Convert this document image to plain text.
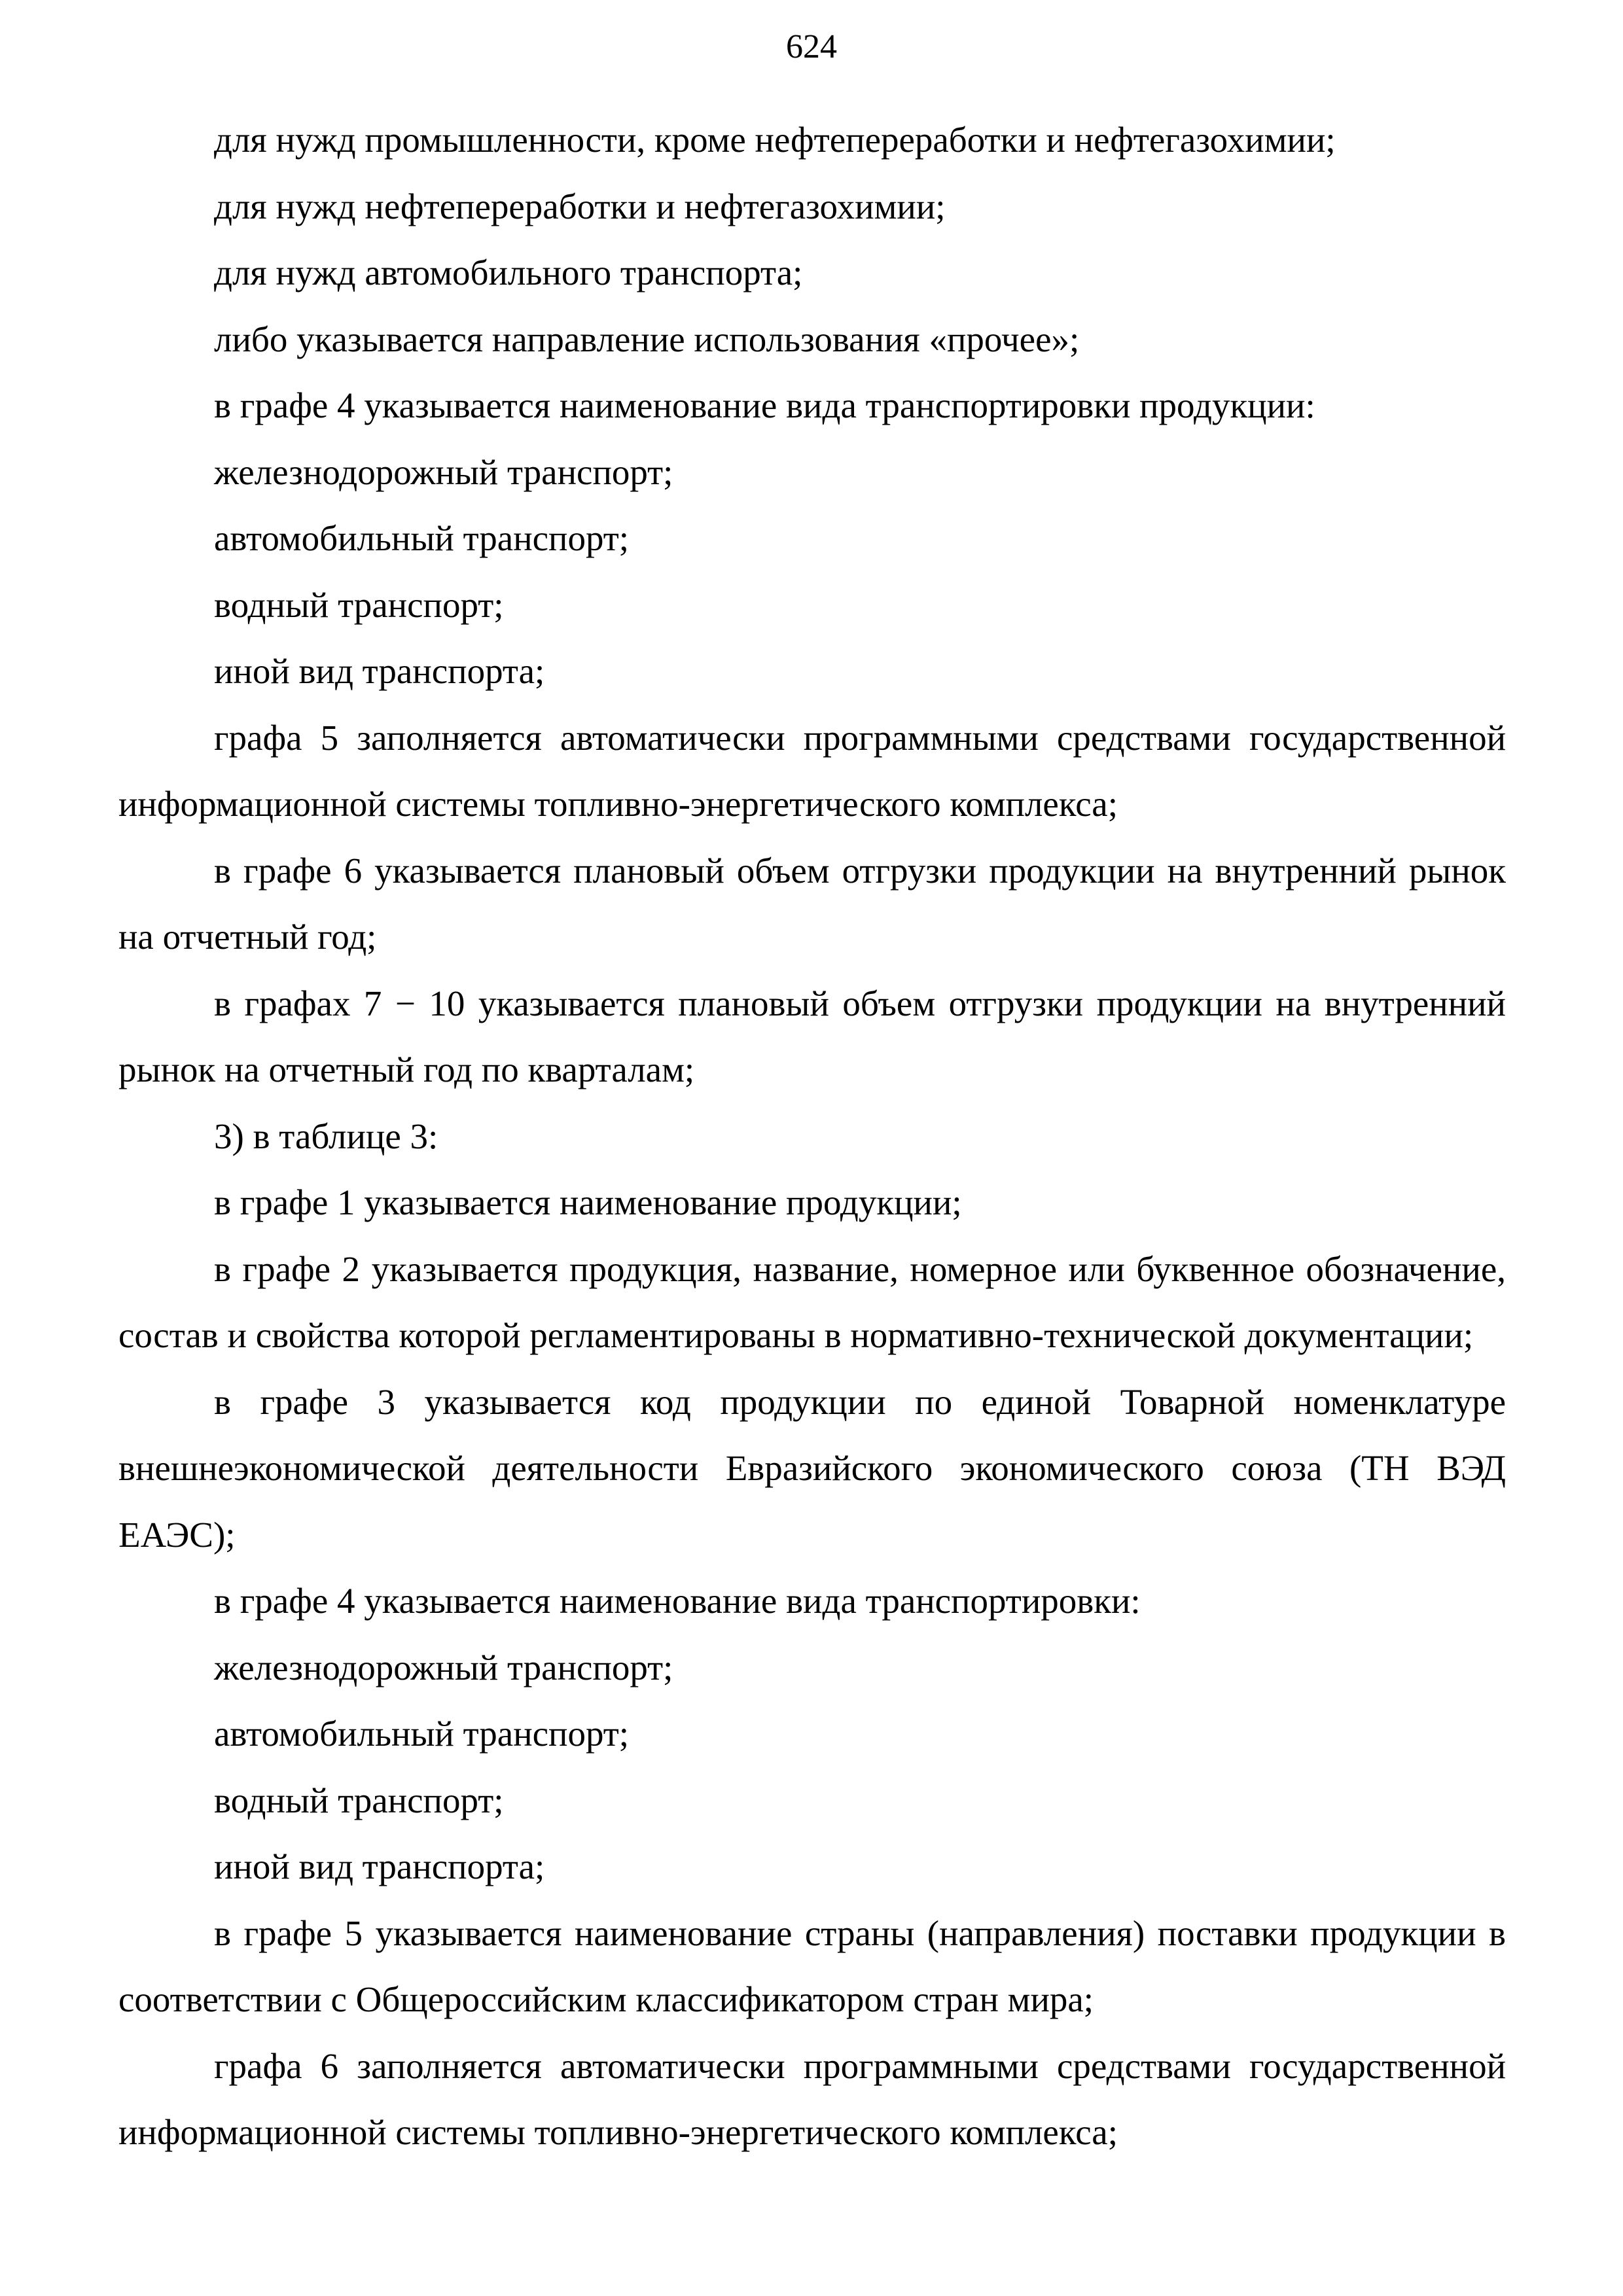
624

для нужд промышленности, кроме нефтепереработки и нефтегазохимии;

для нужд нефтепереработки и нефтегазохимии;

для нужд автомобильного транспорта;

либо указывается направление использования «прочее»;

в графе 4 указывается наименование вида транспортировки продукции:

железнодорожный транспорт;

автомобильный транспорт;

водный транспорт;

иной вид транспорта;

графа 5 заполняется автоматически программными средствами государственной информационной системы топливно-энергетического комплекса;

в графе 6 указывается плановый объем отгрузки продукции на внутренний рынок на отчетный год;

в графах 7 − 10 указывается плановый объем отгрузки продукции на внутренний рынок на отчетный год по кварталам;

3) в таблице 3:

в графе 1 указывается наименование продукции;

в графе 2 указывается продукция, название, номерное или буквенное обозначение, состав и свойства которой регламентированы в нормативно-технической документации;

в графе 3 указывается код продукции по единой Товарной номенклатуре внешнеэкономической деятельности Евразийского экономического союза (ТН ВЭД ЕАЭС);

в графе 4 указывается наименование вида транспортировки:

железнодорожный транспорт;

автомобильный транспорт;

водный транспорт;

иной вид транспорта;

в графе 5 указывается наименование страны (направления) поставки продукции в соответствии с Общероссийским классификатором стран мира;

графа 6 заполняется автоматически программными средствами государственной информационной системы топливно-энергетического комплекса;
